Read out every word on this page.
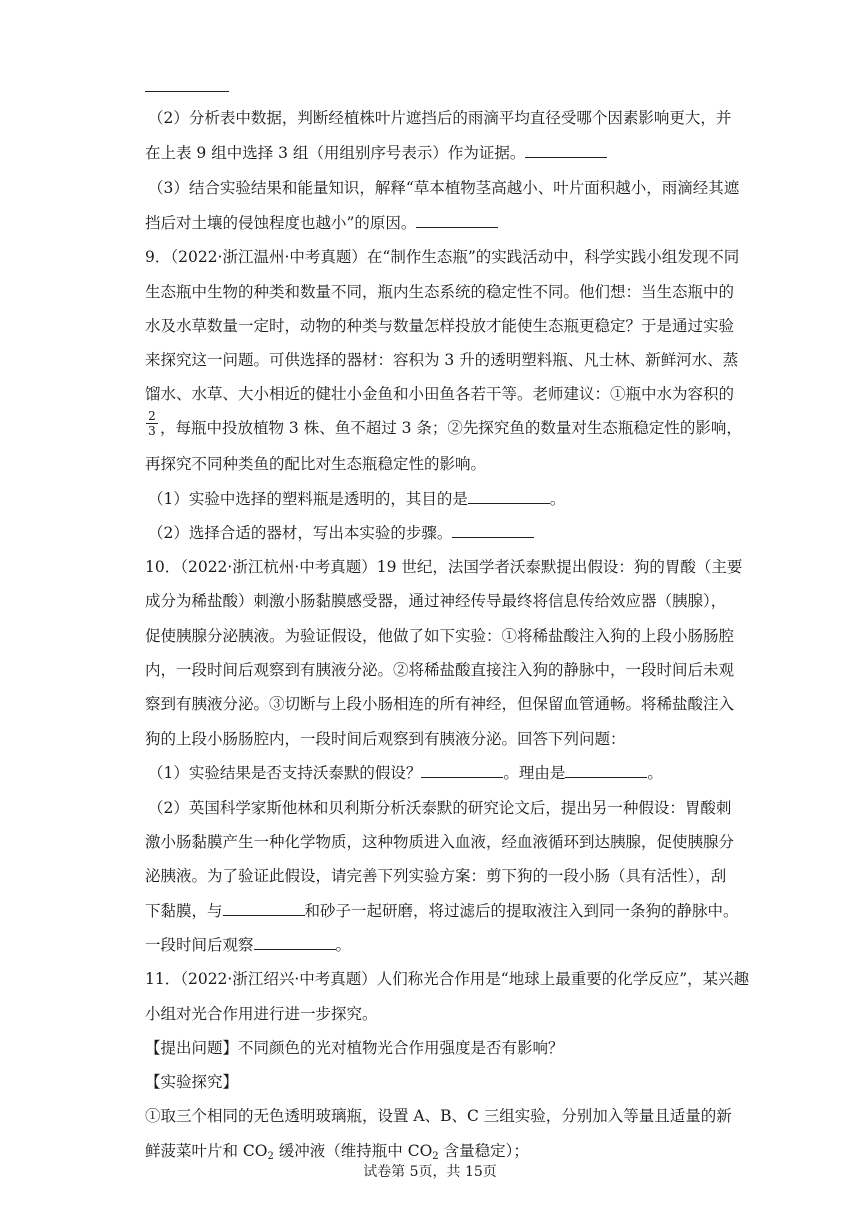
（2）分析表中数据，判断经植株叶片遮挡后的雨滴平均直径受哪个因素影响更大，并
在上表 9 组中选择 3 组（用组别序号表示）作为证据。
（3）结合实验结果和能量知识，解释“草本植物茎高越小、叶片面积越小，雨滴经其遮
挡后对土壤的侵蚀程度也越小”的原因。
9．（2022·浙江温州·中考真题）在“制作生态瓶”的实践活动中，科学实践小组发现不同
生态瓶中生物的种类和数量不同，瓶内生态系统的稳定性不同。他们想：当生态瓶中的
水及水草数量一定时，动物的种类与数量怎样投放才能使生态瓶更稳定？于是通过实验
来探究这一问题。可供选择的器材：容积为 3 升的透明塑料瓶、凡士林、新鲜河水、蒸
馏水、水草、大小相近的健壮小金鱼和小田鱼各若干等。老师建议：①瓶中水为容积的
$\frac{2}{3}$ ，每瓶中投放植物 3 株、鱼不超过 3 条；②先探究鱼的数量对生态瓶稳定性的影响，
再探究不同种类鱼的配比对生态瓶稳定性的影响。
（1）实验中选择的塑料瓶是透明的，其目的是	。
（2）选择合适的器材，写出本实验的步骤。
10．（2022·浙江杭州·中考真题）19 世纪，法国学者沃泰默提出假设：狗的胃酸（主要
成分为稀盐酸）刺激小肠黏膜感受器，通过神经传导最终将信息传给效应器（胰腺），
促使胰腺分泌胰液。为验证假设，他做了如下实验：①将稀盐酸注入狗的上段小肠肠腔
内，一段时间后观察到有胰液分泌。②将稀盐酸直接注入狗的静脉中，一段时间后未观
察到有胰液分泌。③切断与上段小肠相连的所有神经，但保留血管通畅。将稀盐酸注入
狗的上段小肠肠腔内，一段时间后观察到有胰液分泌。回答下列问题：
（1）实验结果是否支持沃泰默的假设？	。理由是	。
（2）英国科学家斯他林和贝利斯分析沃泰默的研究论文后，提出另一种假设：胃酸刺
激小肠黏膜产生一种化学物质，这种物质进入血液，经血液循环到达胰腺，促使胰腺分
泌胰液。为了验证此假设，请完善下列实验方案：剪下狗的一段小肠（具有活性），刮
下黏膜，与	和砂子一起研磨，将过滤后的提取液注入到同一条狗的静脉中。
一段时间后观察	。
11．（2022·浙江绍兴·中考真题）人们称光合作用是“地球上最重要的化学反应”，某兴趣
小组对光合作用进行进一步探究。
【提出问题】不同颜色的光对植物光合作用强度是否有影响？
【实验探究】
①取三个相同的无色透明玻璃瓶，设置 A、B、C 三组实验，分别加入等量且适量的新
鲜菠菜叶片和 $CO_2$ 缓冲液（维持瓶中 $CO_2$ 含量稳定）；
试卷第 5页，共 15页
